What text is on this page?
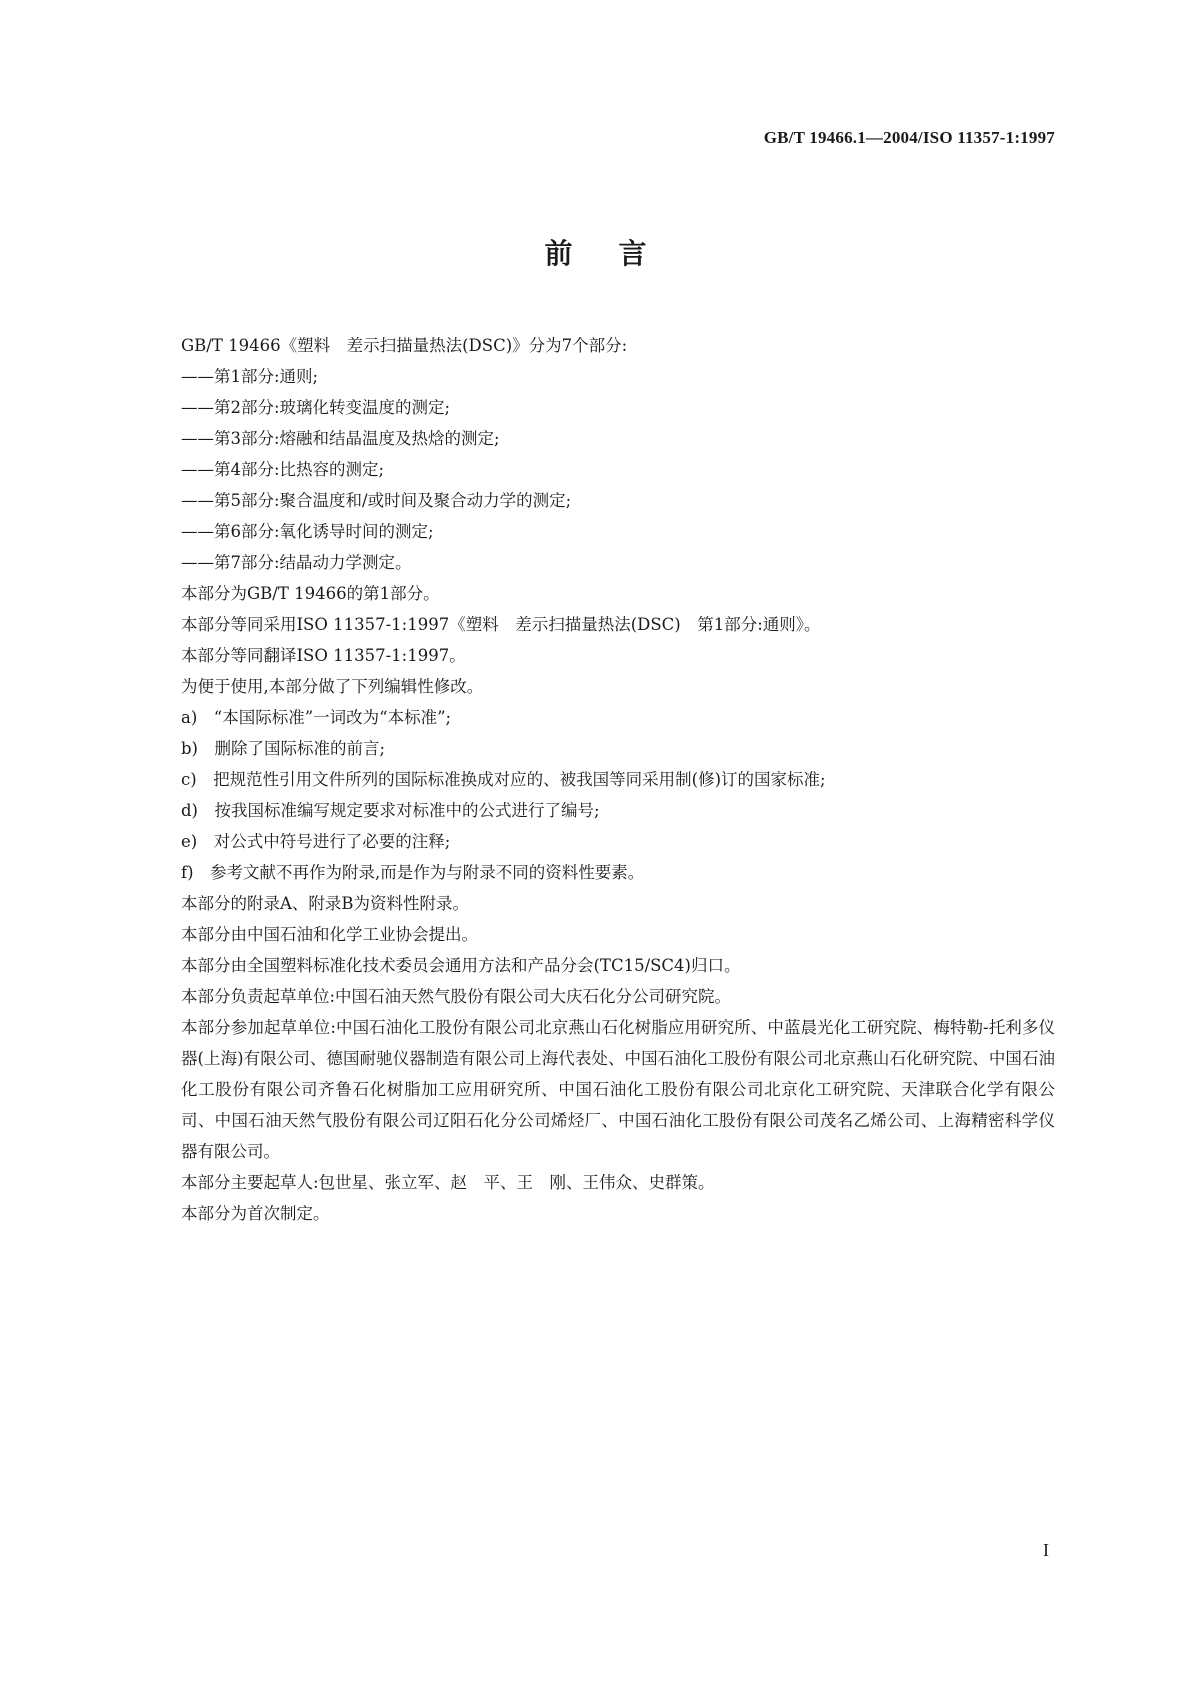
GB/T 19466.1—2004/ISO 11357-1:1997
前言

GB/T 19466《塑料　差示扫描量热法(DSC)》分为7个部分:

——第1部分:通则;

——第2部分:玻璃化转变温度的测定;

——第3部分:熔融和结晶温度及热焓的测定;

——第4部分:比热容的测定;

——第5部分:聚合温度和/或时间及聚合动力学的测定;

——第6部分:氧化诱导时间的测定;

——第7部分:结晶动力学测定。

本部分为GB/T 19466的第1部分。

本部分等同采用ISO 11357-1:1997《塑料　差示扫描量热法(DSC)　第1部分:通则》。

本部分等同翻译ISO 11357-1:1997。

为便于使用,本部分做了下列编辑性修改。

a)　“本国际标准”一词改为“本标准”;

b)　删除了国际标准的前言;

c)　把规范性引用文件所列的国际标准换成对应的、被我国等同采用制(修)订的国家标准;

d)　按我国标准编写规定要求对标准中的公式进行了编号;

e)　对公式中符号进行了必要的注释;

f)　参考文献不再作为附录,而是作为与附录不同的资料性要素。

本部分的附录A、附录B为资料性附录。

本部分由中国石油和化学工业协会提出。

本部分由全国塑料标准化技术委员会通用方法和产品分会(TC15/SC4)归口。

本部分负责起草单位:中国石油天然气股份有限公司大庆石化分公司研究院。

本部分参加起草单位:中国石油化工股份有限公司北京燕山石化树脂应用研究所、中蓝晨光化工研究院、梅特勒-托利多仪器(上海)有限公司、德国耐驰仪器制造有限公司上海代表处、中国石油化工股份有限公司北京燕山石化研究院、中国石油化工股份有限公司齐鲁石化树脂加工应用研究所、中国石油化工股份有限公司北京化工研究院、天津联合化学有限公司、中国石油天然气股份有限公司辽阳石化分公司烯烃厂、中国石油化工股份有限公司茂名乙烯公司、上海精密科学仪器有限公司。

本部分主要起草人:包世星、张立军、赵　平、王　刚、王伟众、史群策。

本部分为首次制定。

I
